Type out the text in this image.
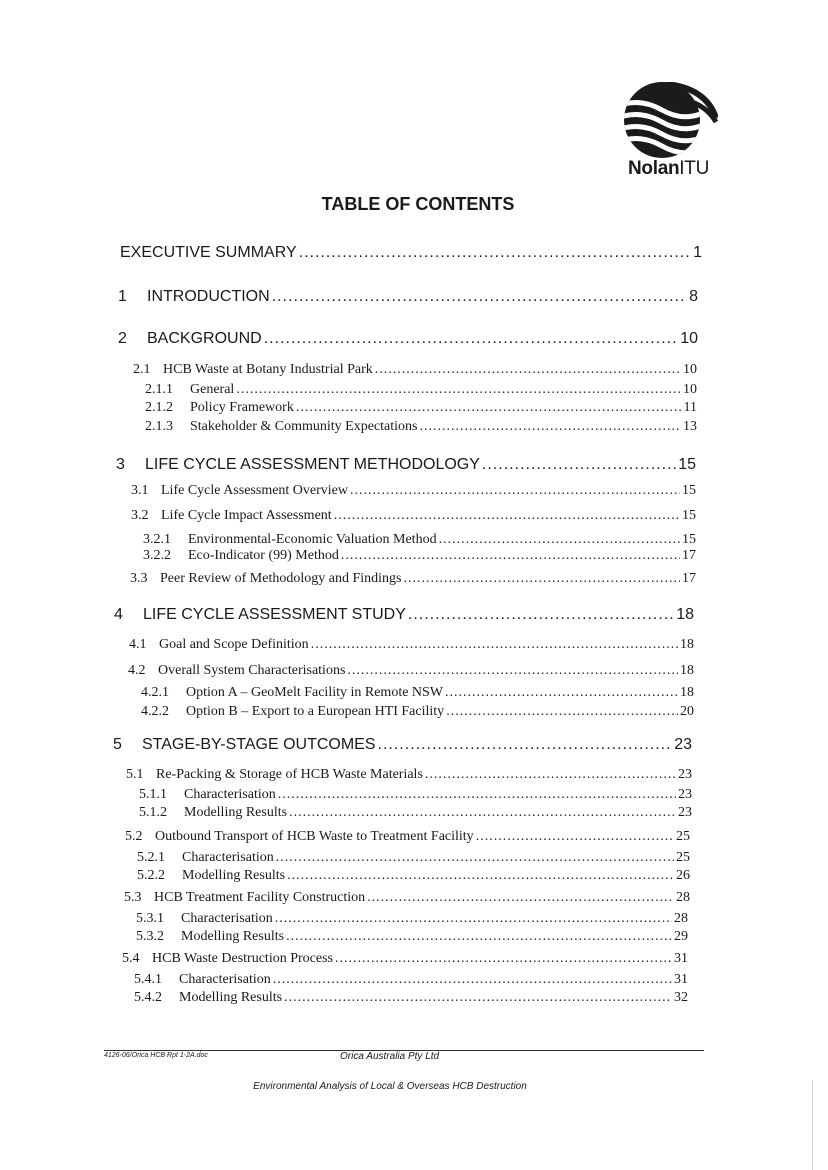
NolanITU
TABLE OF CONTENTS
EXECUTIVE SUMMARY .....	1
1	INTRODUCTION .....	8
2	BACKGROUND .....	10
2.1 HCB Waste at Botany Industrial Park .....	10
2.1.1	General .....	10
2.1.2	Policy Framework .....	11
2.1.3	Stakeholder & Community Expectations .....	13
3	LIFE CYCLE ASSESSMENT METHODOLOGY .....	15
3.1 Life Cycle Assessment Overview .....	15
3.2 Life Cycle Impact Assessment .....	15
3.2.1	Environmental-Economic Valuation Method .....	15
3.2.2	Eco-Indicator (99) Method .....	17
3.3 Peer Review of Methodology and Findings .....	17
4	LIFE CYCLE ASSESSMENT STUDY .....	18
4.1 Goal and Scope Definition .....	18
4.2 Overall System Characterisations .....	18
4.2.1	Option A – GeoMelt Facility in Remote NSW .....	18
4.2.2	Option B – Export to a European HTI Facility .....	20
5	STAGE-BY-STAGE OUTCOMES .....	23
5.1 Re-Packing & Storage of HCB Waste Materials .....	23
5.1.1	Characterisation .....	23
5.1.2	Modelling Results .....	23
5.2 Outbound Transport of HCB Waste to Treatment Facility .....	25
5.2.1	Characterisation .....	25
5.2.2	Modelling Results .....	26
5.3 HCB Treatment Facility Construction .....	28
5.3.1	Characterisation .....	28
5.3.2	Modelling Results .....	29
5.4 HCB Waste Destruction Process .....	31
5.4.1	Characterisation .....	31
5.4.2	Modelling Results .....	32
4126-06/Orica HCB Rpt 1-2A.doc	Orica Australia Pty Ltd
Environmental Analysis of Local & Overseas HCB Destruction
